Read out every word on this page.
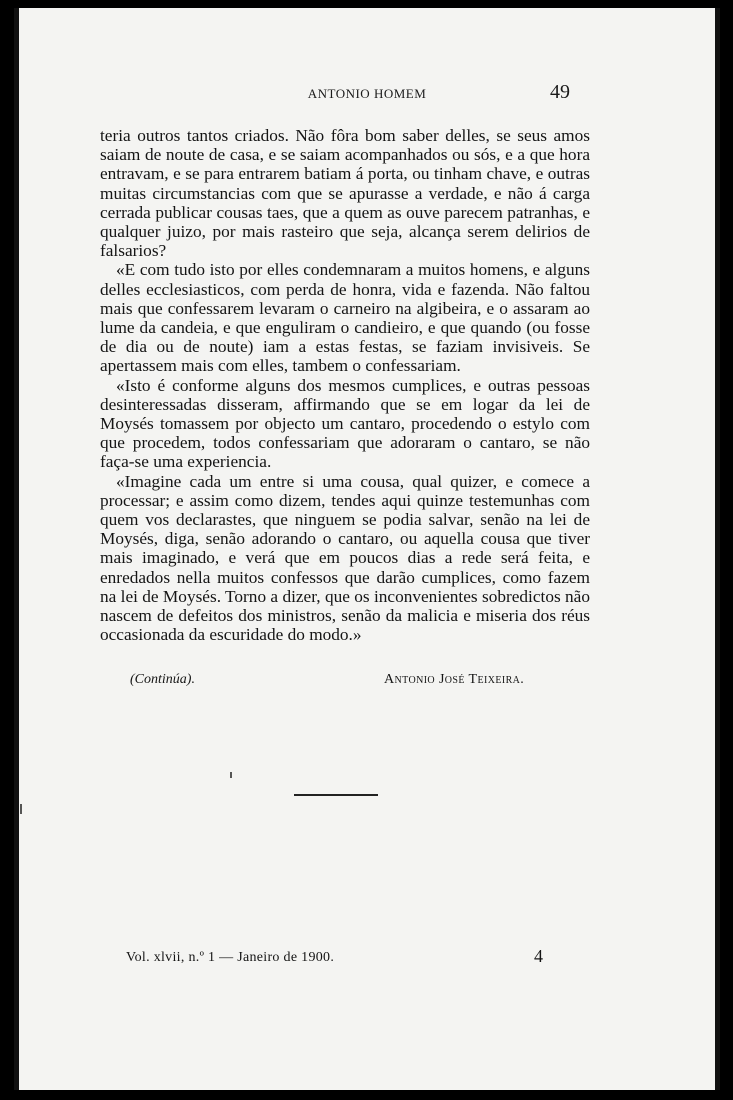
ANTONIO HOMEM	49

teria outros tantos criados. Não fôra bom saber delles, se seus amos saiam de noute de casa, e se saiam acompanhados ou sós, e a que hora entravam, e se para entrarem batiam á porta, ou tinham chave, e outras muitas circumstancias com que se apurasse a verdade, e não á carga cerrada publicar cousas taes, que a quem as ouve parecem patranhas, e qualquer juizo, por mais rasteiro que seja, alcança serem delirios de falsarios?

«E com tudo isto por elles condemnaram a muitos homens, e alguns delles ecclesiasticos, com perda de honra, vida e fazenda. Não faltou mais que confessarem levaram o carneiro na algibeira, e o assaram ao lume da candeia, e que enguliram o candieiro, e que quando (ou fosse de dia ou de noute) iam a estas festas, se faziam invisiveis. Se apertassem mais com elles, tambem o confessariam.

«Isto é conforme alguns dos mesmos cumplices, e outras pessoas desinteressadas disseram, affirmando que se em logar da lei de Moysés tomassem por objecto um cantaro, procedendo o estylo com que procedem, todos confessariam que adoraram o cantaro, se não faça-se uma experiencia.

«Imagine cada um entre si uma cousa, qual quizer, e comece a processar; e assim como dizem, tendes aqui quinze testemunhas com quem vos declarastes, que ninguem se podia salvar, senão na lei de Moysés, diga, senão adorando o cantaro, ou aquella cousa que tiver mais imaginado, e verá que em poucos dias a rede será feita, e enredados nella muitos confessos que darão cumplices, como fazem na lei de Moysés. Torno a dizer, que os inconvenientes sobredictos não nascem de defeitos dos ministros, senão da malicia e miseria dos réus occasionada da escuridade do modo.»

(Continúa).	Antonio José Teixeira.
Vol. xlvii, n.º 1 — Janeiro de 1900.	4
